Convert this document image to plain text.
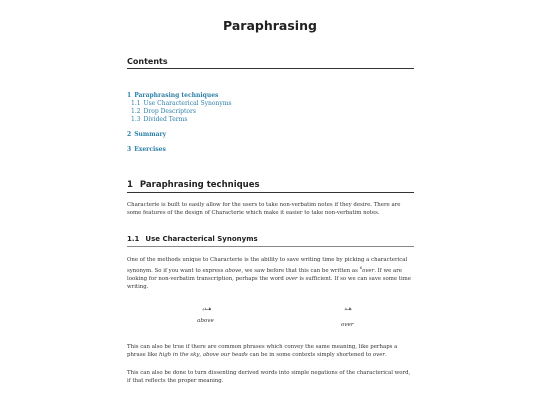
Paraphrasing
Contents
1 Paraphrasing techniques
1.1 Use Characterical Synonyms
1.2 Drop Descriptors
1.3 Divided Terms
2 Summary
3 Exercises
1 Paraphrasing techniques

Characterie is built to easily allow for the users to take non-verbatim notes if they desire. There are some features of the design of Characterie which make it easier to take non-verbatim notes.

1.1 Use Characterical Synonyms

One of the methods unique to Characterie is the ability to save writing time by picking a characterical synonym. So if you want to express above, we saw before that this can be written as $^6$over. If we are looking for non-verbatim transcription, perhaps the word over is sufficient. If so we can save some time writing.

ﻫـﺪﺑ
above
ﻫـﺪ
over

This can also be true if there are common phrases which convey the same meaning, like perhaps a phrase like high in the sky, above our heads can be in some contexts simply shortened to over.

This can also be done to turn dissenting derived words into simple negations of the characterical word, if that reflects the proper meaning.
